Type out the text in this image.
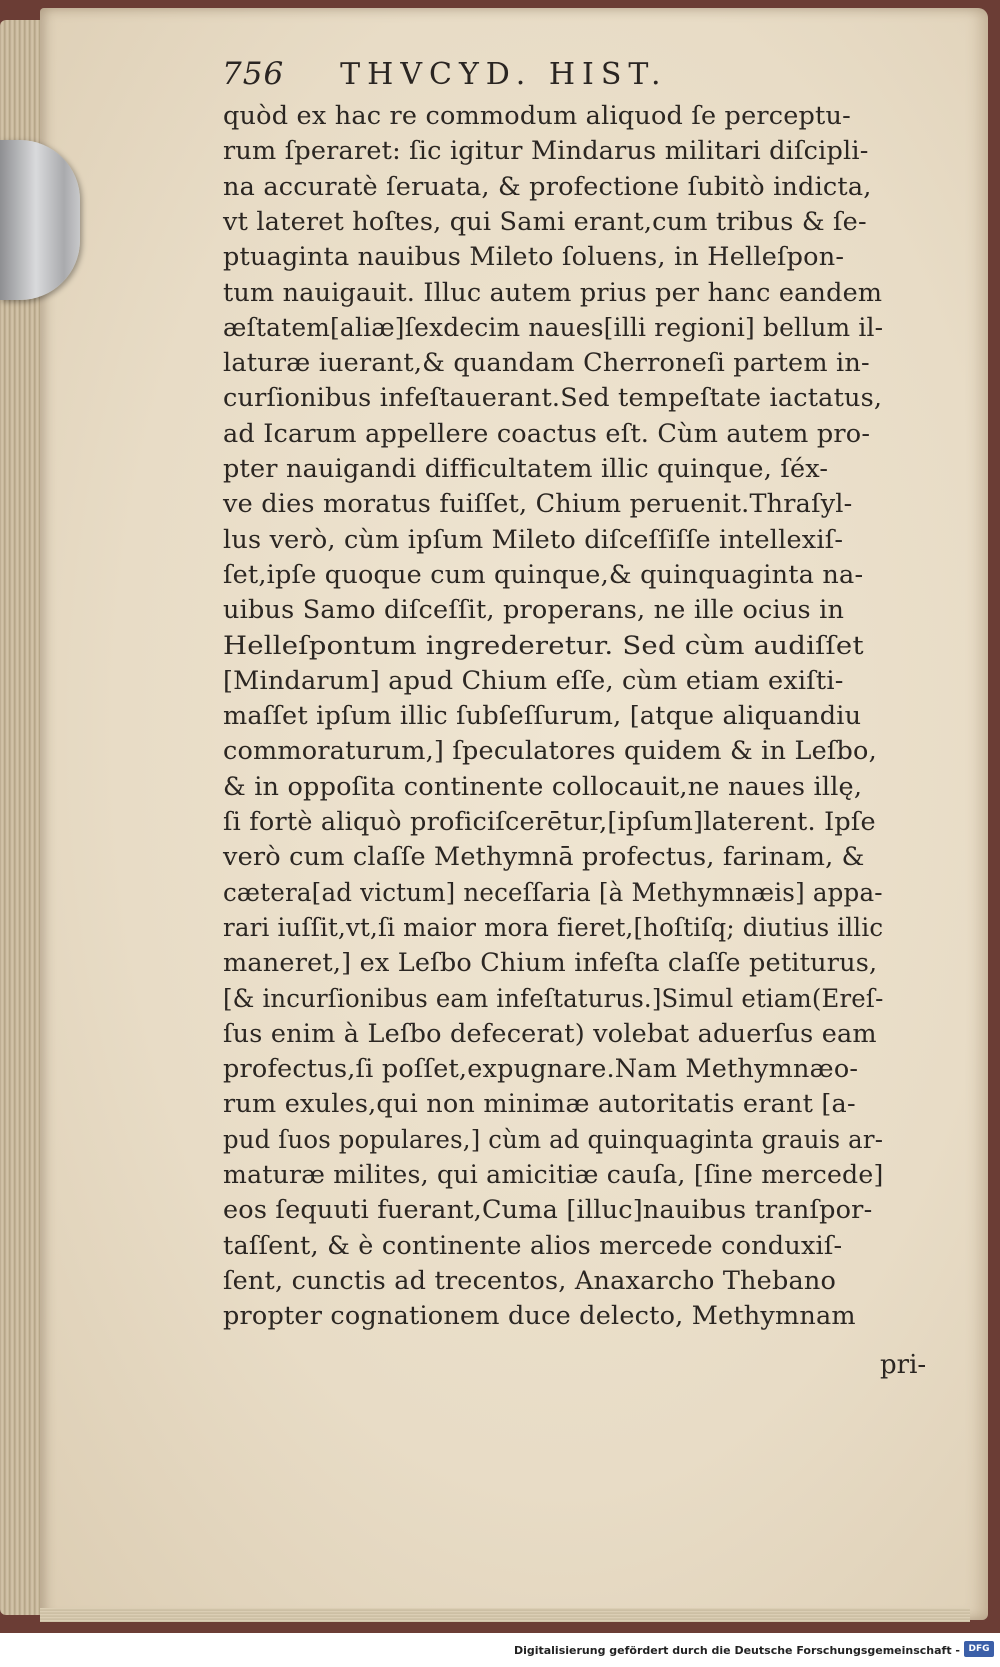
756 THVCYD. HIST.
quòd ex hac re commodum aliquod ſe perceptu-
rum ſperaret: ſic igitur Mindarus militari diſcipli-
na accuratè ſeruata, & profectione ſubitò indicta,
vt lateret hoſtes, qui Sami erant,cum tribus & ſe-
ptuaginta nauibus Mileto ſoluens, in Helleſpon-
tum nauigauit. Illuc autem prius per hanc eandem
æſtatem[aliæ]ſexdecim naues[illi regioni] bellum il-
laturæ iuerant,& quandam Cherroneſi partem in-
curſionibus infeſtauerant.Sed tempeſtate iactatus,
ad Icarum appellere coactus eſt. Cùm autem pro-
pter nauigandi difficultatem illic quinque, ſéx-
ve dies moratus fuiſſet, Chium peruenit.Thraſyl-
lus verò, cùm ipſum Mileto diſceſſiſſe intellexiſ-
ſet,ipſe quoque cum quinque,& quinquaginta na-
uibus Samo diſceſſit, properans, ne ille ocius in
Helleſpontum ingrederetur. Sed cùm audiſſet
[Mindarum] apud Chium eſſe, cùm etiam exiſti-
maſſet ipſum illic ſubſeſſurum, [atque aliquandiu
commoraturum,] ſpeculatores quidem & in Leſbo,
& in oppoſita continente collocauit,ne naues illę,
ſi fortè aliquò proficiſcerētur,[ipſum]laterent. Ipſe
verò cum claſſe Methymnā profectus, farinam, &
cætera[ad victum] neceſſaria [à Methymnæis] appa-
rari iuſſit,vt,ſi maior mora fieret,[hoſtiſq; diutius illic
maneret,] ex Leſbo Chium infeſta claſſe petiturus,
[& incurſionibus eam infeſtaturus.]Simul etiam(Ereſ-
ſus enim à Leſbo defecerat) volebat aduerſus eam
profectus,ſi poſſet,expugnare.Nam Methymnæo-
rum exules,qui non minimæ autoritatis erant [a-
pud ſuos populares,] cùm ad quinquaginta grauis ar-
maturæ milites, qui amicitiæ cauſa, [ſine mercede]
eos ſequuti fuerant,Cuma [illuc]nauibus tranſpor-
taſſent, & è continente alios mercede conduxiſ-
ſent, cunctis ad trecentos, Anaxarcho Thebano
propter cognationem duce delecto, Methymnam
pri-
Digitalisierung gefördert durch die Deutsche Forschungsgemeinschaft - DFG
